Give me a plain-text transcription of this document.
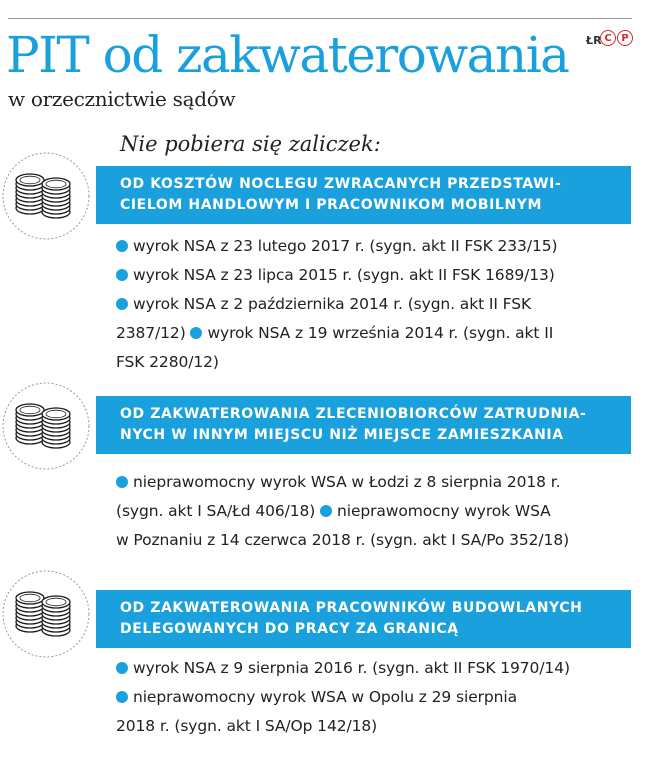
PIT od zakwaterowania
w orzecznictwie sądów
ŁR C P
Nie pobiera się zaliczek:
OD KOSZTÓW NOCLEGU ZWRACANYCH PRZEDSTAWI-
CIELOM HANDLOWYM I PRACOWNIKOM MOBILNYM
wyrok NSA z 23 lutego 2017 r. (sygn. akt II FSK 233/15)
wyrok NSA z 23 lipca 2015 r. (sygn. akt II FSK 1689/13)
wyrok NSA z 2 października 2014 r. (sygn. akt II FSK
2387/12) wyrok NSA z 19 września 2014 r. (sygn. akt II
FSK 2280/12)
OD ZAKWATEROWANIA ZLECENIOBIORCÓW ZATRUDNIA-
NYCH W INNYM MIEJSCU NIŻ MIEJSCE ZAMIESZKANIA
nieprawomocny wyrok WSA w Łodzi z 8 sierpnia 2018 r.
(sygn. akt I SA/Łd 406/18) nieprawomocny wyrok WSA
w Poznaniu z 14 czerwca 2018 r. (sygn. akt I SA/Po 352/18)
OD ZAKWATEROWANIA PRACOWNIKÓW BUDOWLANYCH
DELEGOWANYCH DO PRACY ZA GRANICĄ
wyrok NSA z 9 sierpnia 2016 r. (sygn. akt II FSK 1970/14)
nieprawomocny wyrok WSA w Opolu z 29 sierpnia
2018 r. (sygn. akt I SA/Op 142/18)
